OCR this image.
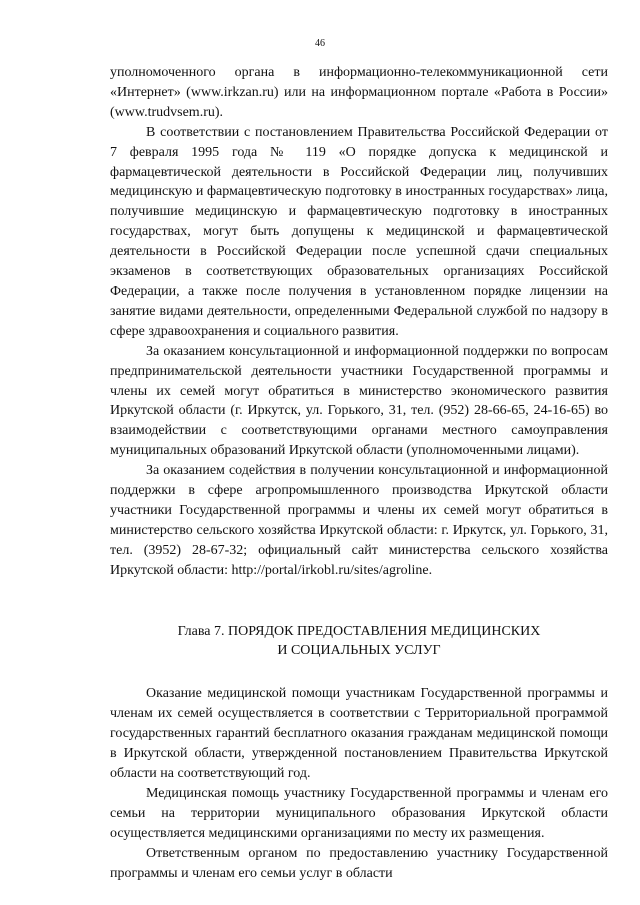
46

уполномоченного органа в информационно-телекоммуникационной сети «Интернет» (www.irkzan.ru) или на информационном портале «Работа в России» (www.trudvsem.ru).

В соответствии с постановлением Правительства Российской Федерации от 7 февраля 1995 года № 119 «О порядке допуска к медицинской и фармацевтической деятельности в Российской Федерации лиц, получивших медицинскую и фармацевтическую подготовку в иностранных государствах» лица, получившие медицинскую и фармацевтическую подготовку в иностранных государствах, могут быть допущены к медицинской и фармацевтической деятельности в Российской Федерации после успешной сдачи специальных экзаменов в соответствующих образовательных организациях Российской Федерации, а также после получения в установленном порядке лицензии на занятие видами деятельности, определенными Федеральной службой по надзору в сфере здравоохранения и социального развития.

За оказанием консультационной и информационной поддержки по вопросам предпринимательской деятельности участники Государственной программы и члены их семей могут обратиться в министерство экономического развития Иркутской области (г. Иркутск, ул. Горького, 31, тел. (952) 28-66-65, 24-16-65) во взаимодействии с соответствующими органами местного самоуправления муниципальных образований Иркутской области (уполномоченными лицами).

За оказанием содействия в получении консультационной и информационной поддержки в сфере агропромышленного производства Иркутской области участники Государственной программы и члены их семей могут обратиться в министерство сельского хозяйства Иркутской области: г. Иркутск, ул. Горького, 31, тел. (3952) 28-67-32; официальный сайт министерства сельского хозяйства Иркутской области: http://portal/irkobl.ru/sites/agroline.

Глава 7. ПОРЯДОК ПРЕДОСТАВЛЕНИЯ МЕДИЦИНСКИХ
И СОЦИАЛЬНЫХ УСЛУГ

Оказание медицинской помощи участникам Государственной программы и членам их семей осуществляется в соответствии с Территориальной программой государственных гарантий бесплатного оказания гражданам медицинской помощи в Иркутской области, утвержденной постановлением Правительства Иркутской области на соответствующий год.

Медицинская помощь участнику Государственной программы и членам его семьи на территории муниципального образования Иркутской области осуществляется медицинскими организациями по месту их размещения.

Ответственным органом по предоставлению участнику Государственной программы и членам его семьи услуг в области
